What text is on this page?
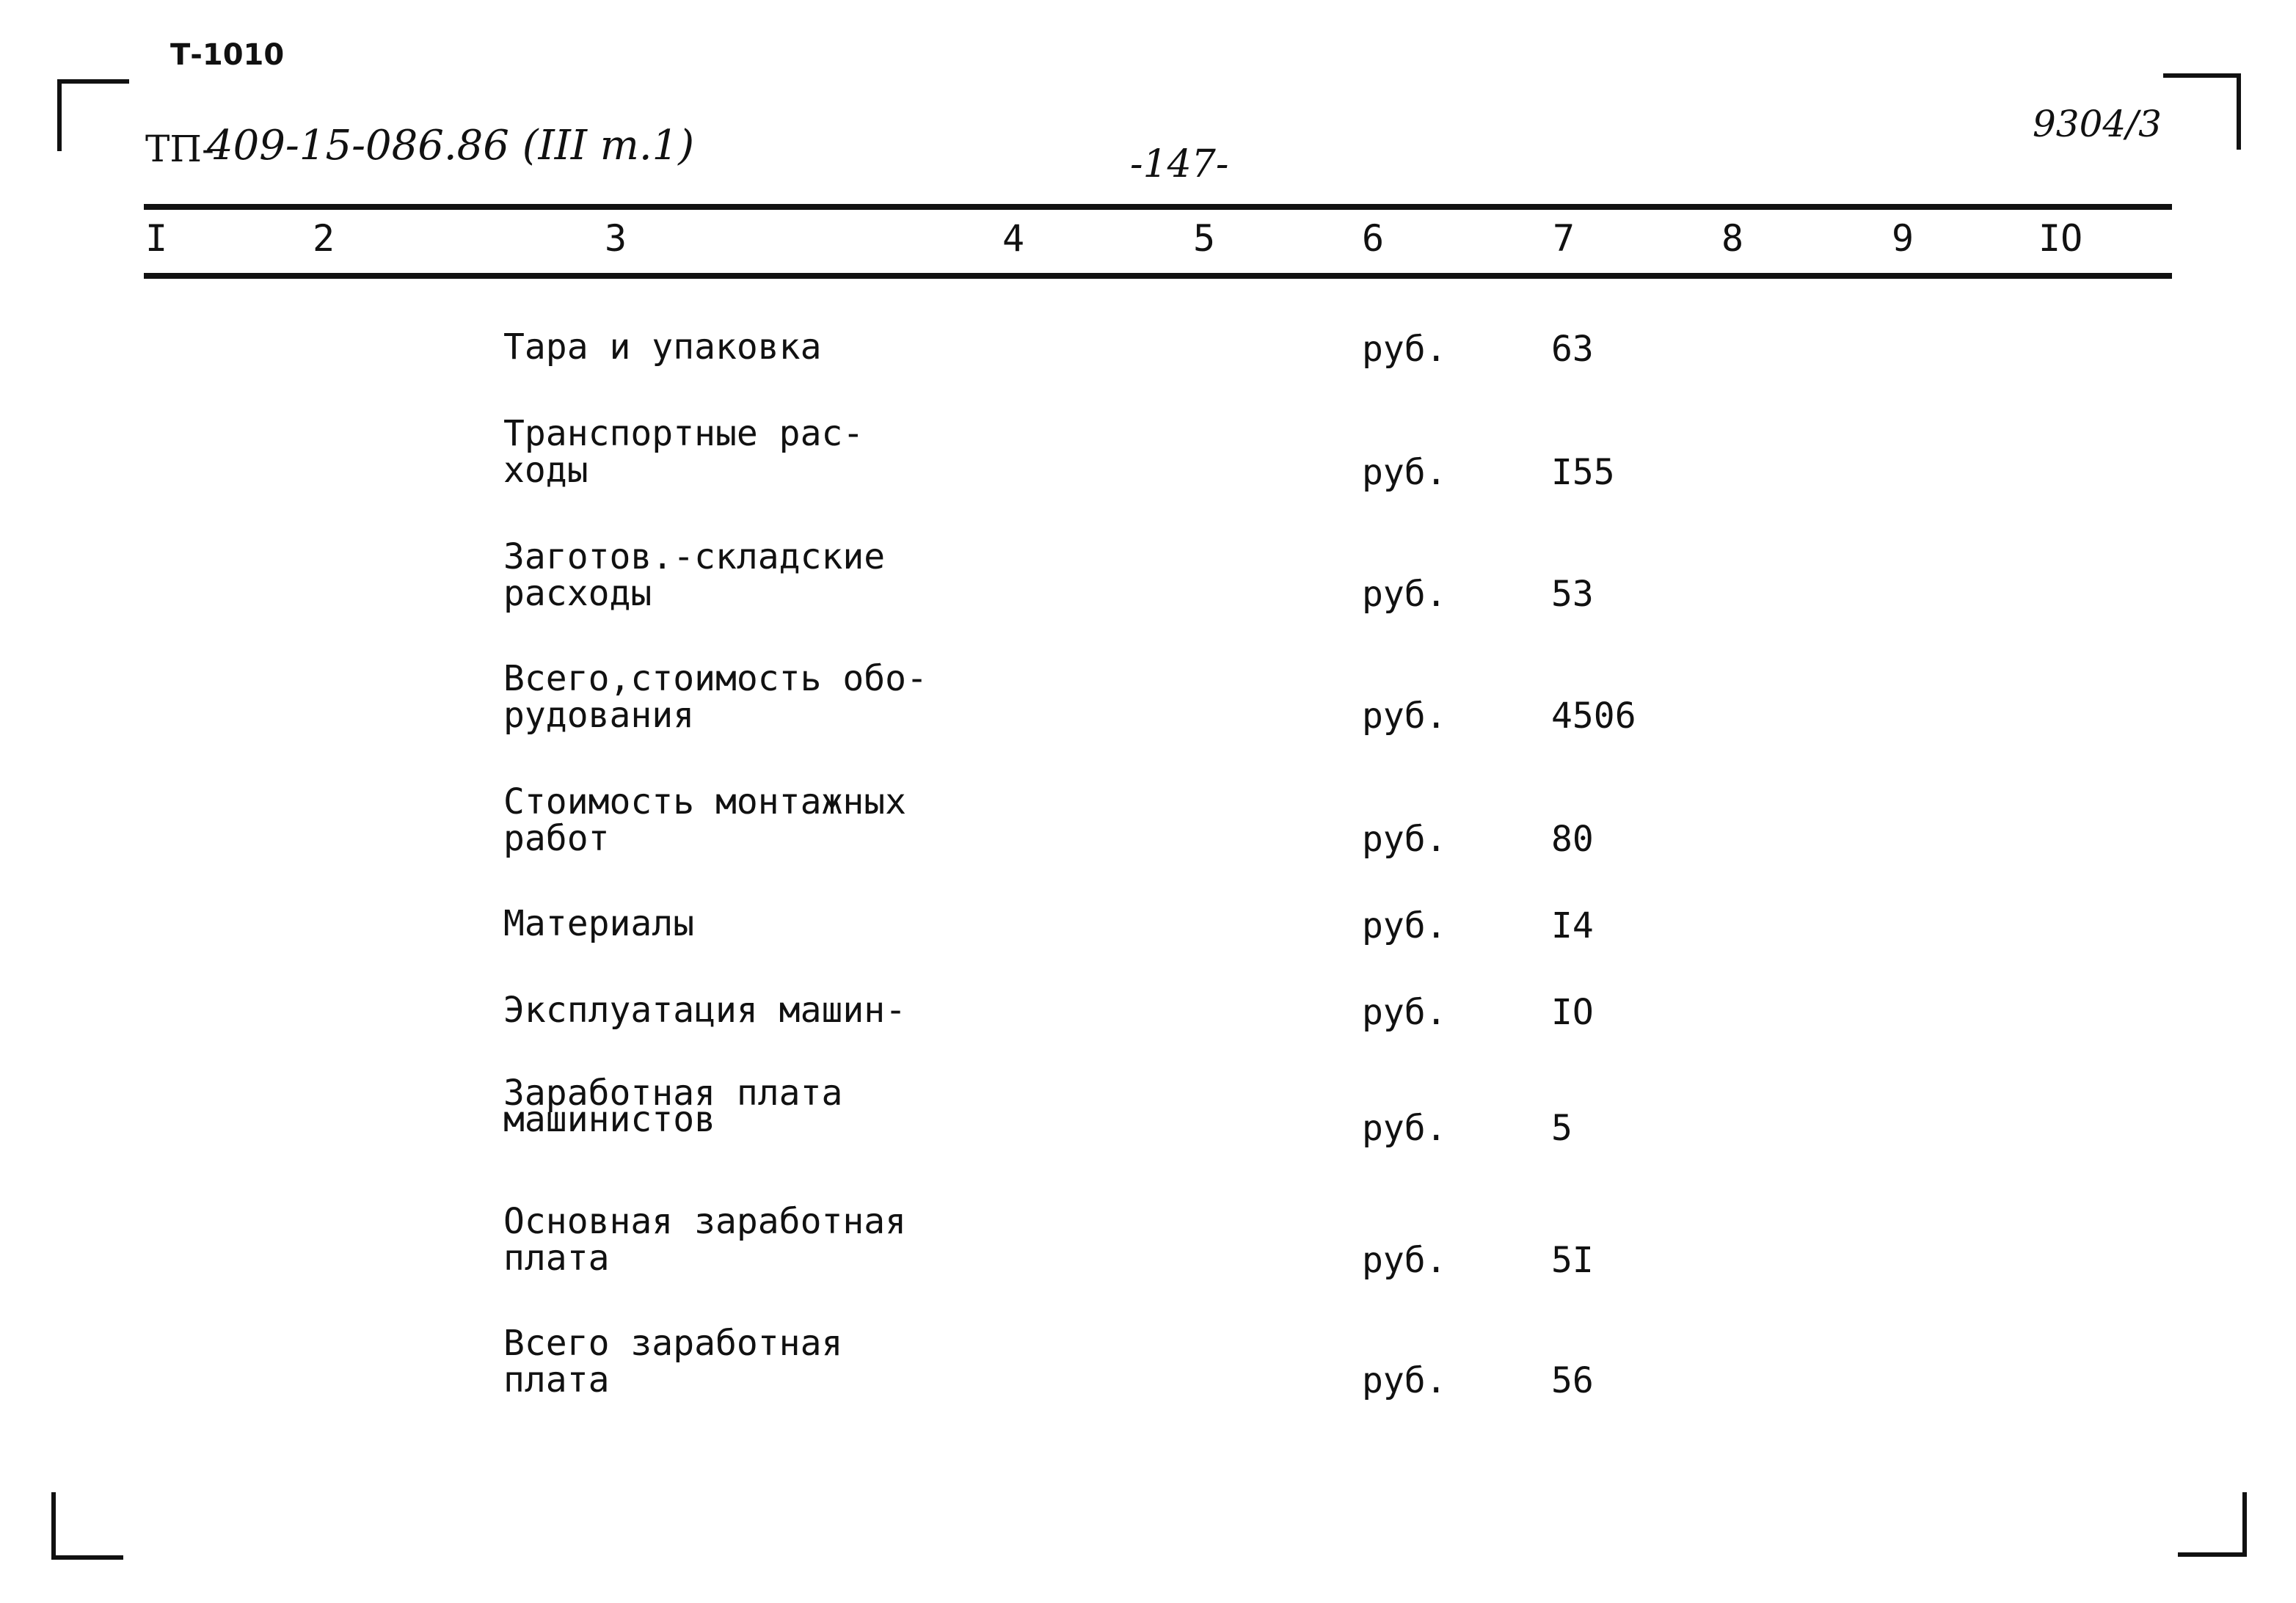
Т-1010
ТП-
409-15-086.86 (III т.1)	-147-
9304/3
I	2	3	4	5	6	7	8	9	IO
Тара и упаковка	руб.	63
Транспортные рас-
ходы	руб.	I55
Заготов.-складские
расходы	руб.	53
Всего,стоимость обо-
рудования	руб.	4506
Стоимость монтажных
работ	руб.	80
Материалы	руб.	I4
Эксплуатация машин-	руб.	IO
Заработная плата
машинистов	руб.	5
Основная заработная
плата	руб.	5I
Всего заработная
плата	руб.	56
